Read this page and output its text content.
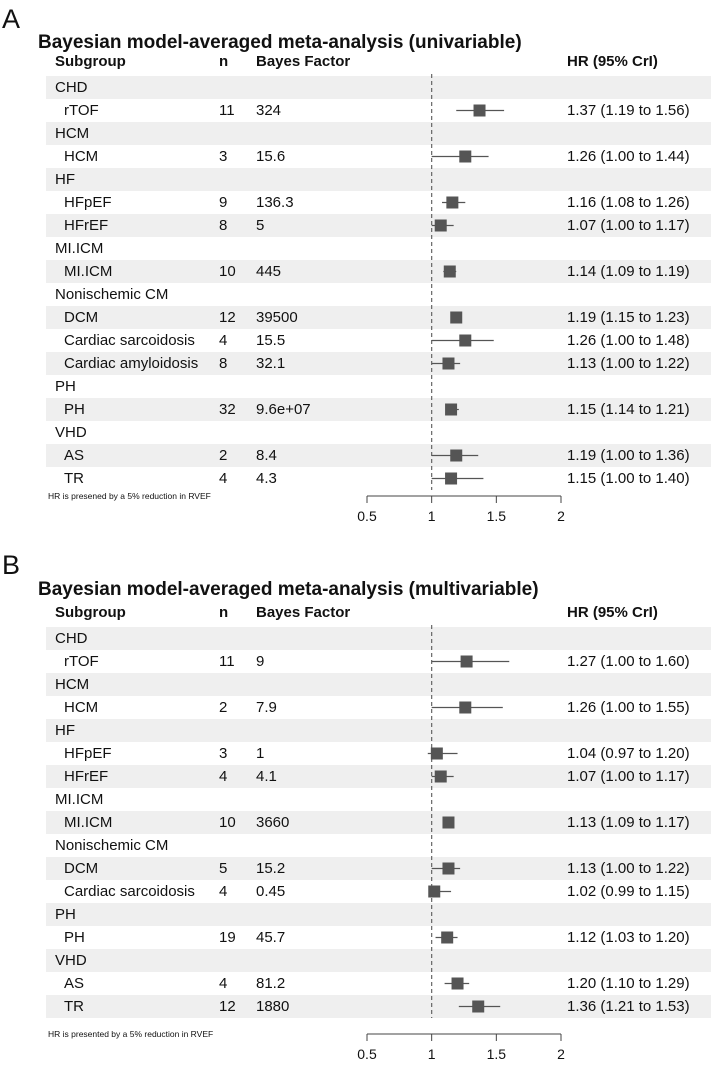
A
Bayesian model-averaged meta-analysis (univariable)
Subgroup	n Bayes Factor	HR (95% CrI)
CHD
rTOF	11 324	1.37 (1.19 to 1.56)
HCM
HCM	3 15.6	1.26 (1.00 to 1.44)
HF
HFpEF	9 136.3	1.16 (1.08 to 1.26)
HFrEF	8 5	1.07 (1.00 to 1.17)
MI.ICM
MI.ICM	10 445	1.14 (1.09 to 1.19)
Nonischemic CM
DCM	12 39500	1.19 (1.15 to 1.23)
Cardiac sarcoidosis 4 15.5	1.26 (1.00 to 1.48)
Cardiac amyloidosis 8 32.1	1.13 (1.00 to 1.22)
PH
PH	32 9.6e+07	1.15 (1.14 to 1.21)
VHD
AS	2 8.4	1.19 (1.00 to 1.36)
TR	4 4.3	1.15 (1.00 to 1.40)
HR is presened by a 5% reduction in RVEF
0.5	1	1.5	2
B
Bayesian model-averaged meta-analysis (multivariable)
Subgroup	n Bayes Factor	HR (95% CrI)
CHD
rTOF	11 9	1.27 (1.00 to 1.60)
HCM
HCM	2 7.9	1.26 (1.00 to 1.55)
HF
HFpEF	3 1	1.04 (0.97 to 1.20)
HFrEF	4 4.1	1.07 (1.00 to 1.17)
MI.ICM
MI.ICM	10 3660	1.13 (1.09 to 1.17)
Nonischemic CM
DCM	5 15.2	1.13 (1.00 to 1.22)
Cardiac sarcoidosis 4 0.45	1.02 (0.99 to 1.15)
PH
PH	19 45.7	1.12 (1.03 to 1.20)
VHD
AS	4 81.2	1.20 (1.10 to 1.29)
TR	12 1880	1.36 (1.21 to 1.53)
HR is presented by a 5% reduction in RVEF
0.5	1	1.5	2
